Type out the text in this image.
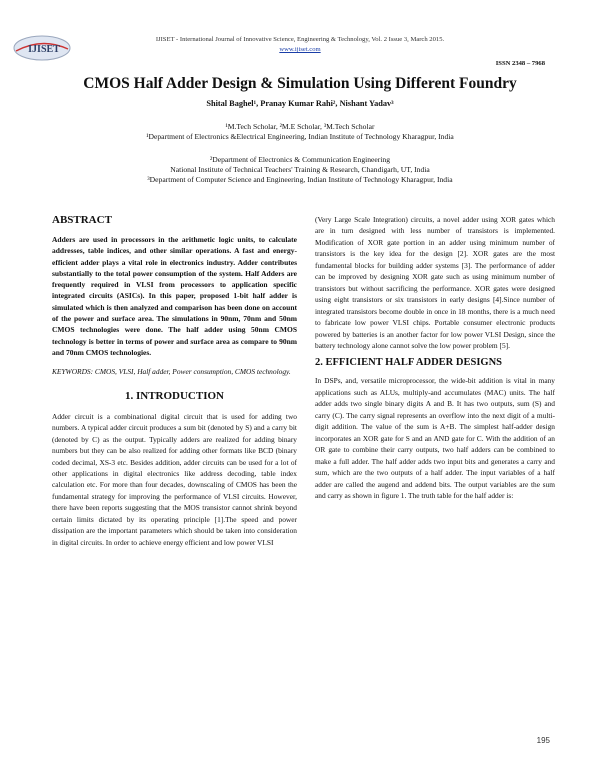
IJISET
IJISET - International Journal of Innovative Science, Engineering & Technology, Vol. 2 Issue 3, March 2015.
www.ijiset.com
ISSN 2348 – 7968
CMOS Half Adder Design & Simulation Using Different Foundry
Shital Baghel¹, Pranay Kumar Rahi², Nishant Yadav³
¹M.Tech Scholar, ²M.E Scholar, ³M.Tech Scholar
¹Department of Electronics &Electrical Engineering, Indian Institute of Technology Kharagpur, India
²Department of Electronics & Communication Engineering
National Institute of Technical Teachers' Training & Research, Chandigarh, UT, India
³Department of Computer Science and Engineering, Indian Institute of Technology Kharagpur, India
ABSTRACT

Adders are used in processors in the arithmetic logic units, to calculate addresses, table indices, and other similar operations. A fast and energy-efficient adder plays a vital role in electronics industry. Adder contributes substantially to the total power consumption of the system. Half Adders are frequently required in VLSI from processors to application specific integrated circuits (ASICs). In this paper, proposed 1-bit half adder is simulated which is then analyzed and comparison has been done on account of the power and surface area. The simulations in 90nm, 70nm and 50nm CMOS technologies were done. The half adder using 50nm CMOS technology is better in terms of power and surface area as compare to 90nm and 70nm CMOS technologies.

KEYWORDS: CMOS, VLSI, Half adder, Power consumption, CMOS technology.

1. INTRODUCTION

Adder circuit is a combinational digital circuit that is used for adding two numbers. A typical adder circuit produces a sum bit (denoted by S) and a carry bit (denoted by C) as the output. Typically adders are realized for adding binary numbers but they can be also realized for adding other formats like BCD (binary coded decimal, XS-3 etc. Besides addition, adder circuits can be used for a lot of other applications in digital electronics like address decoding, table index calculation etc. For more than four decades, downscaling of CMOS has been the fundamental strategy for improving the performance of VLSI circuits. However, there have been reports suggesting that the MOS transistor cannot shrink beyond certain limits dictated by its operating principle [1].The speed and power dissipation are the important parameters which should be taken into consideration in digital circuits. In order to achieve energy efficient and low power VLSI

(Very Large Scale Integration) circuits, a novel adder using XOR gates which are in turn designed with less number of transistors is implemented. Modification of XOR gate portion in an adder using minimum number of transistors is the key idea for the design [2]. XOR gates are the most fundamental blocks for building adder systems [3]. The performance of adder can be improved by designing XOR gate such as using minimum number of transistors but without sacrificing the performance. XOR gates were designed using eight transistors or six transistors in early designs [4].Since number of integrated transistors become double in once in 18 months, there is a much need to fabricate low power VLSI chips. Portable consumer electronic products powered by batteries is an another factor for low power VLSI Design, since the battery technology alone cannot solve the low power problem [5].

2. EFFICIENT HALF ADDER DESIGNS

In DSPs, and, versatile microprocessor, the wide-bit addition is vital in many applications such as ALUs, multiply-and accumulates (MAC) units. The half adder adds two single binary digits A and B. It has two outputs, sum (S) and carry (C). The carry signal represents an overflow into the next digit of a multi-digit addition. The value of the sum is A+B. The simplest half-adder design incorporates an XOR gate for S and an AND gate for C. With the addition of an OR gate to combine their carry outputs, two half adders can be combined to make a full adder. The half adder adds two input bits and generates a carry and sum, which are the two outputs of a half adder. The input variables of a half adder are called the augend and addend bits. The output variables are the sum and carry as shown in figure 1. The truth table for the half adder is:

195
